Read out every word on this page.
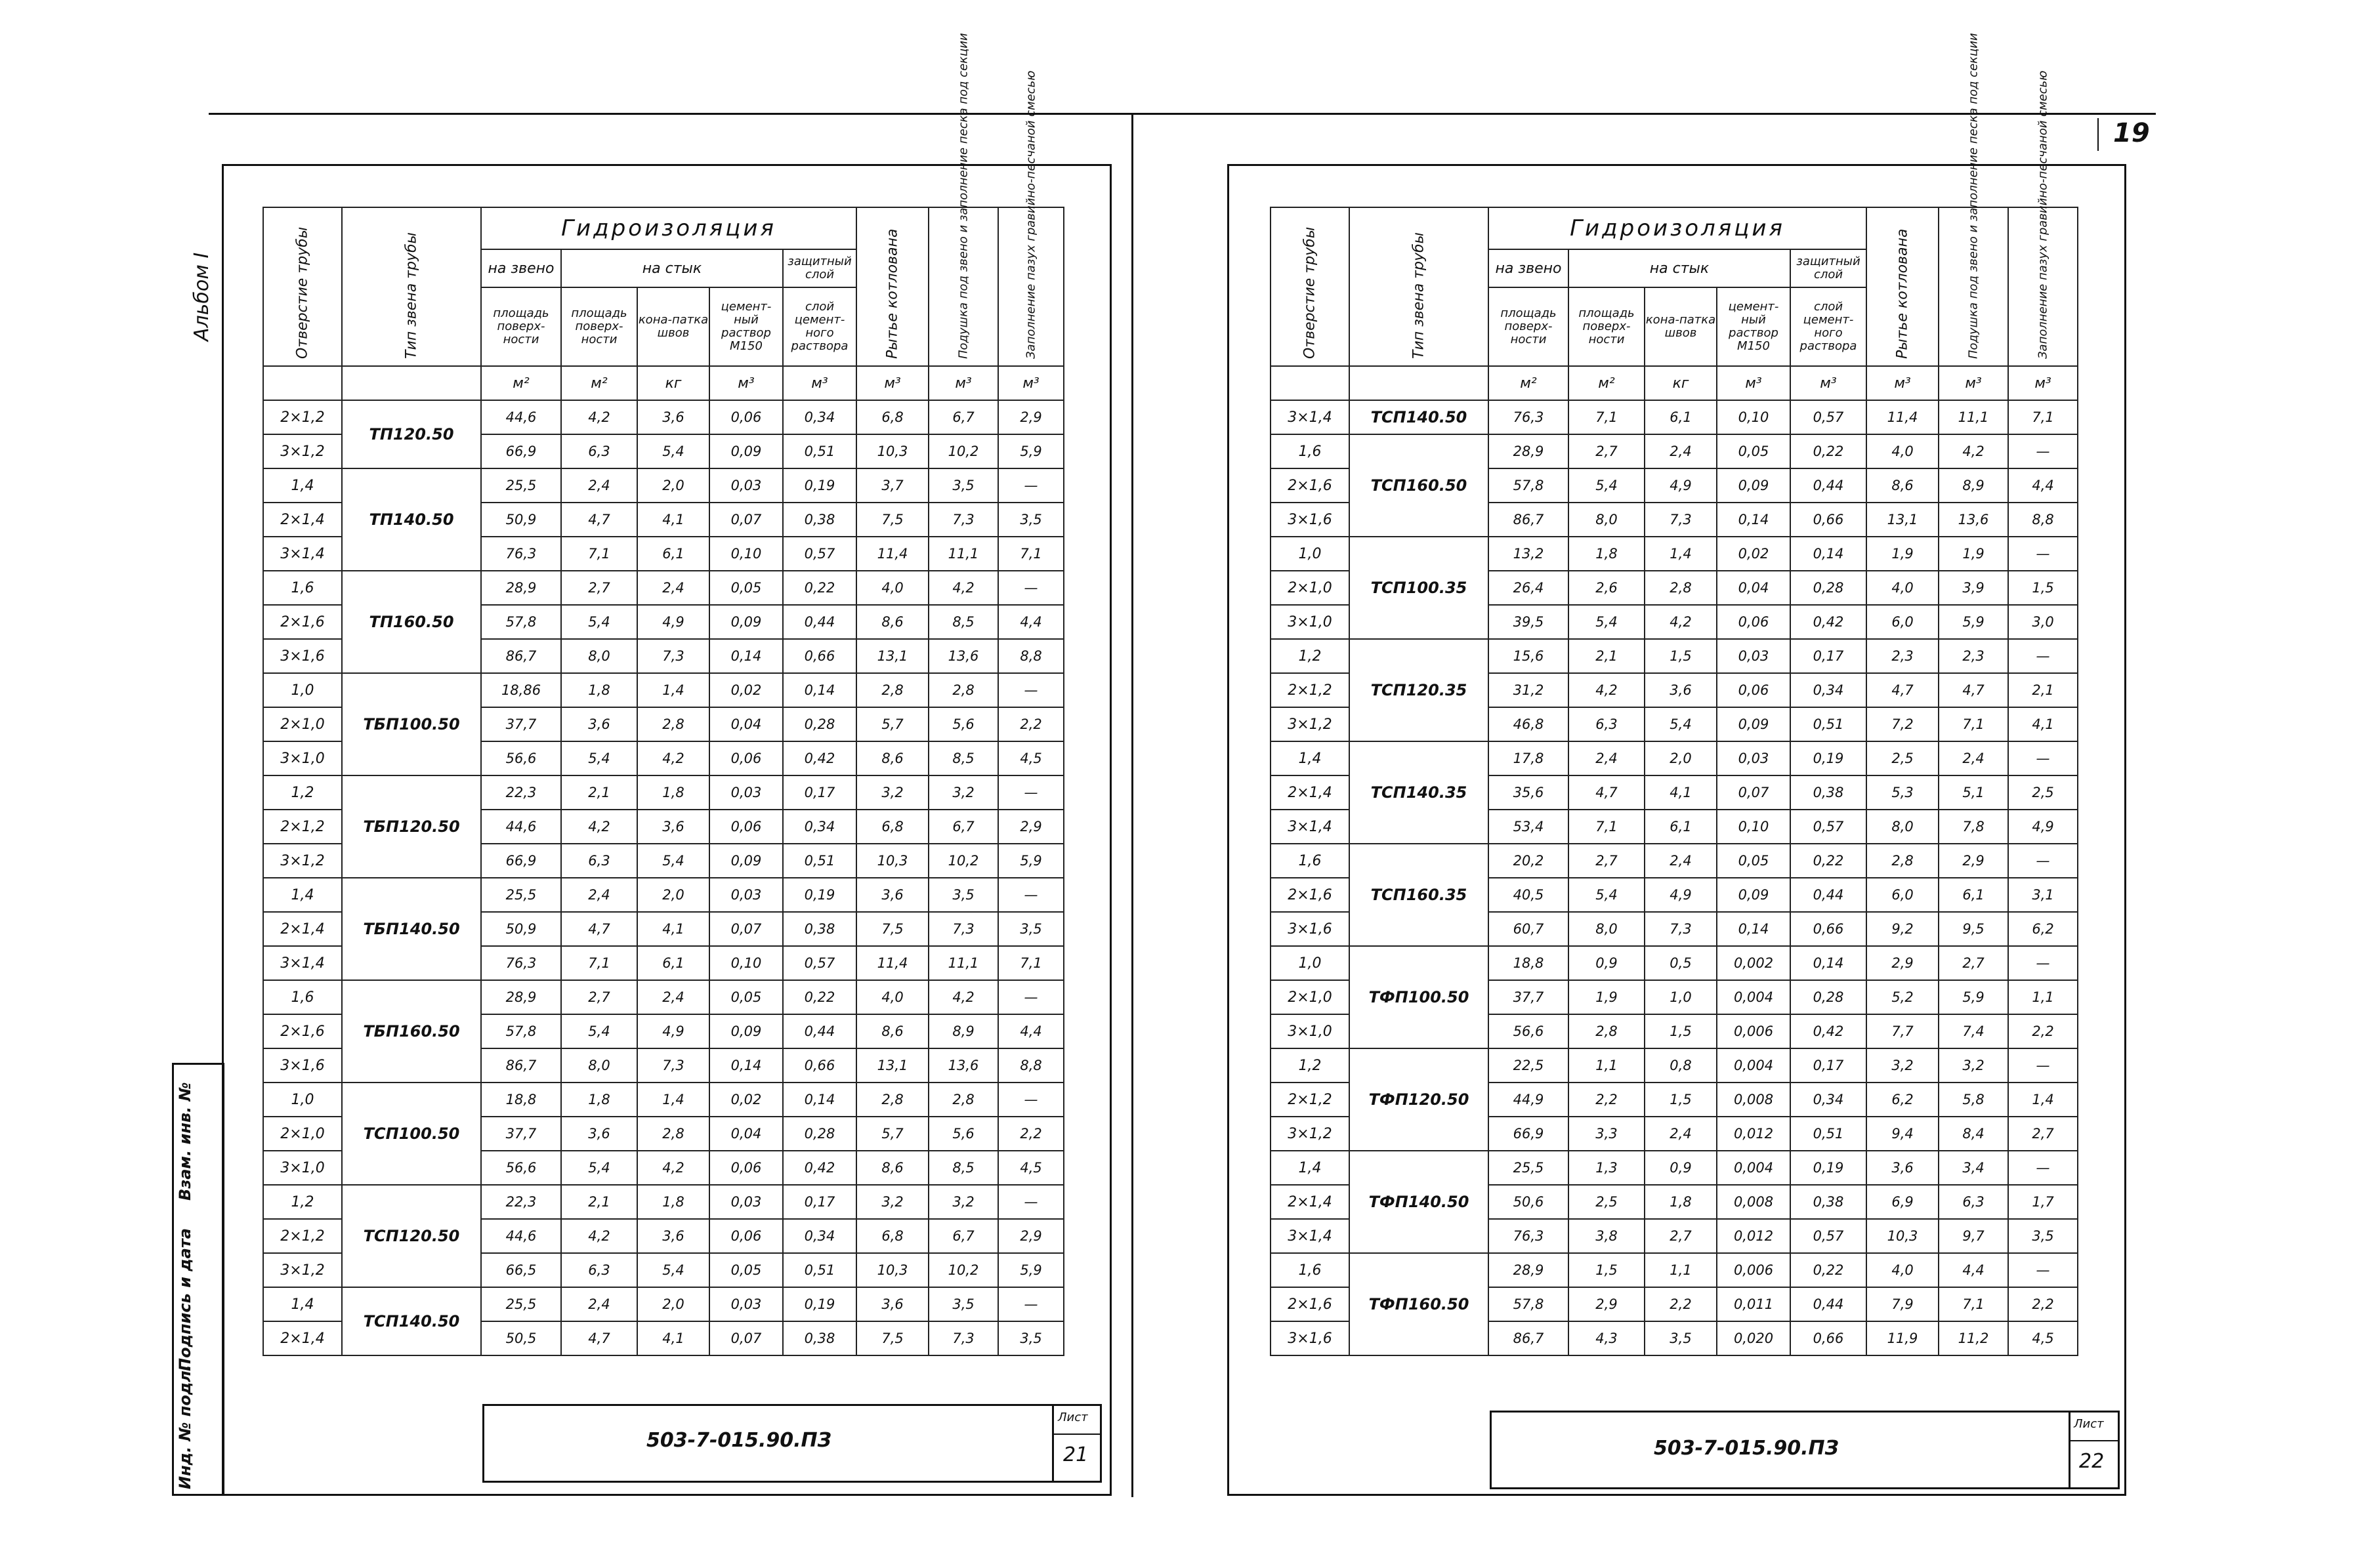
19
Альбом I
Инд. № подл.
Подпись и дата
Взам. инв. №
Отверстие трубы	Тип звена трубы	Гидроизоляция					Рытье котлована	Подушка под звено и заполнение песка под секции	Заполнение пазух гравийно-песчаной смесью

		на звено	на стык			защитный слой			
		площадь поверх-ности	площадь поверх-ности	кона-патка швов	цемент-ный раствор М150	слой цемент-ного раствора			
		м²	м²	кг	м³	м³	м³	м³	м³
2×1,2	ТП120.50	44,6	4,2	3,6	0,06	0,34	6,8	6,7	2,9
3×1,2		66,9	6,3	5,4	0,09	0,51	10,3	10,2	5,9
1,4	ТП140.50	25,5	2,4	2,0	0,03	0,19	3,7	3,5	—
2×1,4		50,9	4,7	4,1	0,07	0,38	7,5	7,3	3,5
3×1,4		76,3	7,1	6,1	0,10	0,57	11,4	11,1	7,1
1,6	ТП160.50	28,9	2,7	2,4	0,05	0,22	4,0	4,2	—
2×1,6		57,8	5,4	4,9	0,09	0,44	8,6	8,5	4,4
3×1,6		86,7	8,0	7,3	0,14	0,66	13,1	13,6	8,8
1,0	ТБП100.50	18,86	1,8	1,4	0,02	0,14	2,8	2,8	—
2×1,0		37,7	3,6	2,8	0,04	0,28	5,7	5,6	2,2
3×1,0		56,6	5,4	4,2	0,06	0,42	8,6	8,5	4,5
1,2	ТБП120.50	22,3	2,1	1,8	0,03	0,17	3,2	3,2	—
2×1,2		44,6	4,2	3,6	0,06	0,34	6,8	6,7	2,9
3×1,2		66,9	6,3	5,4	0,09	0,51	10,3	10,2	5,9
1,4	ТБП140.50	25,5	2,4	2,0	0,03	0,19	3,6	3,5	—
2×1,4		50,9	4,7	4,1	0,07	0,38	7,5	7,3	3,5
3×1,4		76,3	7,1	6,1	0,10	0,57	11,4	11,1	7,1
1,6	ТБП160.50	28,9	2,7	2,4	0,05	0,22	4,0	4,2	—
2×1,6		57,8	5,4	4,9	0,09	0,44	8,6	8,9	4,4
3×1,6		86,7	8,0	7,3	0,14	0,66	13,1	13,6	8,8
1,0	ТСП100.50	18,8	1,8	1,4	0,02	0,14	2,8	2,8	—
2×1,0		37,7	3,6	2,8	0,04	0,28	5,7	5,6	2,2
3×1,0		56,6	5,4	4,2	0,06	0,42	8,6	8,5	4,5
1,2	ТСП120.50	22,3	2,1	1,8	0,03	0,17	3,2	3,2	—
2×1,2		44,6	4,2	3,6	0,06	0,34	6,8	6,7	2,9
3×1,2		66,5	6,3	5,4	0,05	0,51	10,3	10,2	5,9
1,4	ТСП140.50	25,5	2,4	2,0	0,03	0,19	3,6	3,5	—
2×1,4		50,5	4,7	4,1	0,07	0,38	7,5	7,3	3,5
503-7-015.90.ПЗ
Лист
21
Отверстие трубы	Тип звена трубы	Гидроизоляция					Рытье котлована	Подушка под звено и заполнение песка под секции	Заполнение пазух гравийно-песчаной смесью

		на звено	на стык			защитный слой			
		площадь поверх-ности	площадь поверх-ности	кона-патка швов	цемент-ный раствор М150	слой цемент-ного раствора			
		м²	м²	кг	м³	м³	м³	м³	м³
3×1,4	ТСП140.50	76,3	7,1	6,1	0,10	0,57	11,4	11,1	7,1
1,6	ТСП160.50	28,9	2,7	2,4	0,05	0,22	4,0	4,2	—
2×1,6		57,8	5,4	4,9	0,09	0,44	8,6	8,9	4,4
3×1,6		86,7	8,0	7,3	0,14	0,66	13,1	13,6	8,8
1,0	ТСП100.35	13,2	1,8	1,4	0,02	0,14	1,9	1,9	—
2×1,0		26,4	2,6	2,8	0,04	0,28	4,0	3,9	1,5
3×1,0		39,5	5,4	4,2	0,06	0,42	6,0	5,9	3,0
1,2	ТСП120.35	15,6	2,1	1,5	0,03	0,17	2,3	2,3	—
2×1,2		31,2	4,2	3,6	0,06	0,34	4,7	4,7	2,1
3×1,2		46,8	6,3	5,4	0,09	0,51	7,2	7,1	4,1
1,4	ТСП140.35	17,8	2,4	2,0	0,03	0,19	2,5	2,4	—
2×1,4		35,6	4,7	4,1	0,07	0,38	5,3	5,1	2,5
3×1,4		53,4	7,1	6,1	0,10	0,57	8,0	7,8	4,9
1,6	ТСП160.35	20,2	2,7	2,4	0,05	0,22	2,8	2,9	—
2×1,6		40,5	5,4	4,9	0,09	0,44	6,0	6,1	3,1
3×1,6		60,7	8,0	7,3	0,14	0,66	9,2	9,5	6,2
1,0	ТФП100.50	18,8	0,9	0,5	0,002	0,14	2,9	2,7	—
2×1,0		37,7	1,9	1,0	0,004	0,28	5,2	5,9	1,1
3×1,0		56,6	2,8	1,5	0,006	0,42	7,7	7,4	2,2
1,2	ТФП120.50	22,5	1,1	0,8	0,004	0,17	3,2	3,2	—
2×1,2		44,9	2,2	1,5	0,008	0,34	6,2	5,8	1,4
3×1,2		66,9	3,3	2,4	0,012	0,51	9,4	8,4	2,7
1,4	ТФП140.50	25,5	1,3	0,9	0,004	0,19	3,6	3,4	—
2×1,4		50,6	2,5	1,8	0,008	0,38	6,9	6,3	1,7
3×1,4		76,3	3,8	2,7	0,012	0,57	10,3	9,7	3,5
1,6	ТФП160.50	28,9	1,5	1,1	0,006	0,22	4,0	4,4	—
2×1,6		57,8	2,9	2,2	0,011	0,44	7,9	7,1	2,2
3×1,6		86,7	4,3	3,5	0,020	0,66	11,9	11,2	4,5
503-7-015.90.ПЗ
Лист
22
